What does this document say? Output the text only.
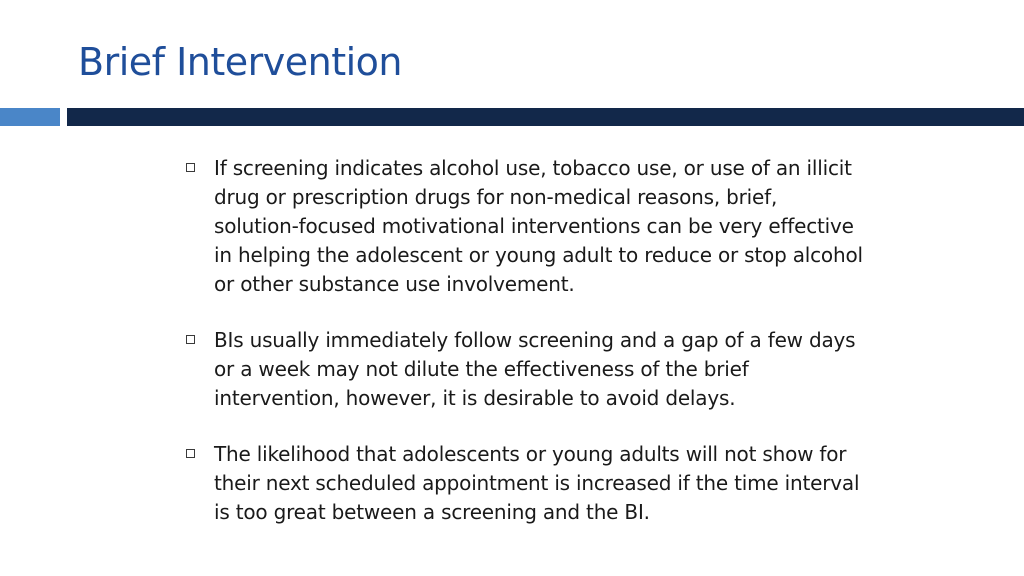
Brief Intervention
If screening indicates alcohol use, tobacco use, or use of an illicit drug or prescription drugs for non-medical reasons, brief, solution-focused motivational interventions can be very effective in helping the adolescent or young adult to reduce or stop alcohol or other substance use involvement.
BIs usually immediately follow screening and a gap of a few days or a week may not dilute the effectiveness of the brief intervention, however, it is desirable to avoid delays.
The likelihood that adolescents or young adults will not show for their next scheduled appointment is increased if the time interval is too great between a screening and the BI.
